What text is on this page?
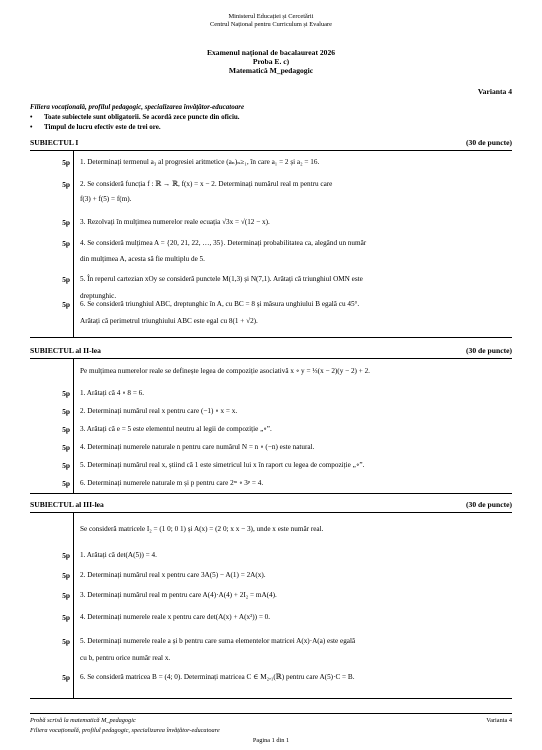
Ministerul Educației și Cercetării
Centrul Național pentru Curriculum și Evaluare
Examenul național de bacalaureat 2026
Proba E. c)
Matematică M_pedagogic
Varianta 4
Filiera vocațională, profilul pedagogic, specializarea învățător-educatoare
• Toate subiectele sunt obligatorii. Se acordă zece puncte din oficiu.
• Timpul de lucru efectiv este de trei ore.
SUBIECTUL I	(30 de puncte)
5p 1. Determinați termenul a₃ al progresiei aritmetice (aₙ)ₙ≥₁, în care a₁ = 2 și a₂ = 16.
5p 2. Se consideră funcția f : ℝ → ℝ, f(x) = x − 2. Determinați numărul real m pentru care
f(3) + f(5) = f(m).
5p 3. Rezolvați în mulțimea numerelor reale ecuația √3x = √(12 − x).
5p 4. Se consideră mulțimea A = {20, 21, 22, …, 35}. Determinați probabilitatea ca, alegând un număr
din mulțimea A, acesta să fie multiplu de 5.
5p 5. În reperul cartezian xOy se consideră punctele M(1,3) și N(7,1). Arătați că triunghiul OMN este
dreptunghic.
5p 6. Se consideră triunghiul ABC, dreptunghic în A, cu BC = 8 și măsura unghiului B egală cu 45°.
Arătați că perimetrul triunghiului ABC este egal cu 8(1 + √2).
SUBIECTUL al II-lea	(30 de puncte)
Pe mulțimea numerelor reale se definește legea de compoziție asociativă x ∘ y = ⅓(x − 2)(y − 2) + 2.
5p 1. Arătați că 4 ∘ 8 = 6.
5p 2. Determinați numărul real x pentru care (−1) ∘ x = x.
5p 3. Arătați că e = 5 este elementul neutru al legii de compoziție „∘”.
5p 4. Determinați numerele naturale n pentru care numărul N = n ∘ (−n) este natural.
5p 5. Determinați numărul real x, știind că 1 este simetricul lui x în raport cu legea de compoziție „∘”.
5p 6. Determinați numerele naturale m și p pentru care 2ᵐ ∘ 3ᵖ = 4.
SUBIECTUL al III-lea	(30 de puncte)
Se consideră matricele I₂ = (1 0; 0 1) și A(x) = (2 0; x x − 3), unde x este număr real.
5p 1. Arătați că det(A(5)) = 4.
5p 2. Determinați numărul real x pentru care 3A(5) − A(1) = 2A(x).
5p 3. Determinați numărul real m pentru care A(4)·A(4) + 2I₂ = mA(4).
5p 4. Determinați numerele reale x pentru care det(A(x) + A(x²)) = 0.
5p 5. Determinați numerele reale a și b pentru care suma elementelor matricei A(x)·A(a) este egală
cu b, pentru orice număr real x.
5p 6. Se consideră matricea B = (4; 0). Determinați matricea C ∈ M₂,₁(ℝ) pentru care A(5)·C = B.
Probă scrisă la matematică M_pedagogic	Varianta 4
Filiera vocațională, profilul pedagogic, specializarea învățător-educatoare
Pagina 1 din 1
